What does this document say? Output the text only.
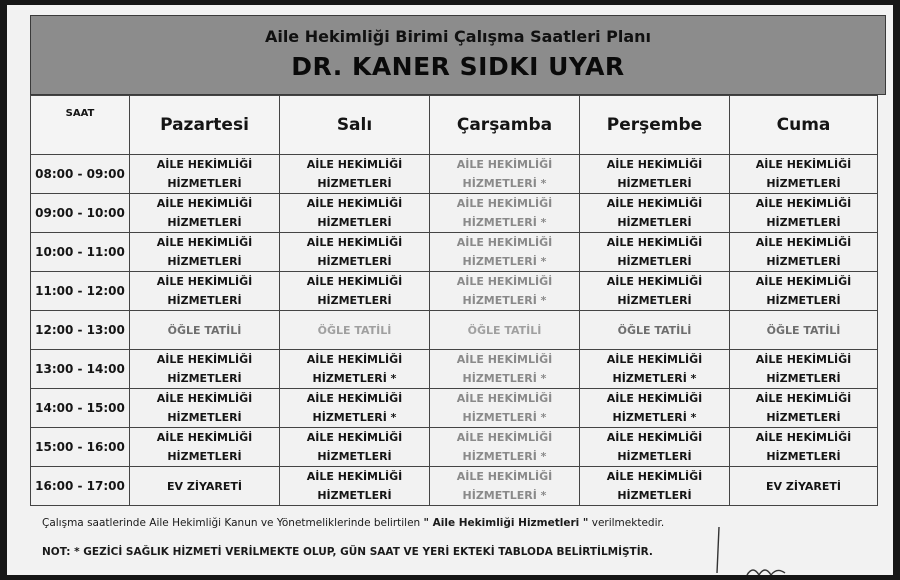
Aile Hekimliği Birimi Çalışma Saatleri Planı
DR. KANER SIDKI UYAR
SAAT	Pazartesi	Salı	Çarşamba	Perşembe	Cuma
08:00 - 09:00	AİLE HEKİMLİĞİ
HİZMETLERİ	AİLE HEKİMLİĞİ
HİZMETLERİ	AİLE HEKİMLİĞİ
HİZMETLERİ *	AİLE HEKİMLİĞİ
HİZMETLERİ	AİLE HEKİMLİĞİ
HİZMETLERİ

09:00 - 10:00	AİLE HEKİMLİĞİ
HİZMETLERİ	AİLE HEKİMLİĞİ
HİZMETLERİ	AİLE HEKİMLİĞİ
HİZMETLERİ *	AİLE HEKİMLİĞİ
HİZMETLERİ	AİLE HEKİMLİĞİ
HİZMETLERİ

10:00 - 11:00	AİLE HEKİMLİĞİ
HİZMETLERİ	AİLE HEKİMLİĞİ
HİZMETLERİ	AİLE HEKİMLİĞİ
HİZMETLERİ *	AİLE HEKİMLİĞİ
HİZMETLERİ	AİLE HEKİMLİĞİ
HİZMETLERİ

11:00 - 12:00	AİLE HEKİMLİĞİ
HİZMETLERİ	AİLE HEKİMLİĞİ
HİZMETLERİ	AİLE HEKİMLİĞİ
HİZMETLERİ *	AİLE HEKİMLİĞİ
HİZMETLERİ	AİLE HEKİMLİĞİ
HİZMETLERİ

12:00 - 13:00	ÖĞLE TATİLİ	ÖĞLE TATİLİ	ÖĞLE TATİLİ	ÖĞLE TATİLİ	ÖĞLE TATİLİ

13:00 - 14:00	AİLE HEKİMLİĞİ
HİZMETLERİ	AİLE HEKİMLİĞİ
HİZMETLERİ *	AİLE HEKİMLİĞİ
HİZMETLERİ *	AİLE HEKİMLİĞİ
HİZMETLERİ *	AİLE HEKİMLİĞİ
HİZMETLERİ

14:00 - 15:00	AİLE HEKİMLİĞİ
HİZMETLERİ	AİLE HEKİMLİĞİ
HİZMETLERİ *	AİLE HEKİMLİĞİ
HİZMETLERİ *	AİLE HEKİMLİĞİ
HİZMETLERİ *	AİLE HEKİMLİĞİ
HİZMETLERİ

15:00 - 16:00	AİLE HEKİMLİĞİ
HİZMETLERİ	AİLE HEKİMLİĞİ
HİZMETLERİ	AİLE HEKİMLİĞİ
HİZMETLERİ *	AİLE HEKİMLİĞİ
HİZMETLERİ	AİLE HEKİMLİĞİ
HİZMETLERİ

16:00 - 17:00	EV ZİYARETİ	AİLE HEKİMLİĞİ
HİZMETLERİ	AİLE HEKİMLİĞİ
HİZMETLERİ *	AİLE HEKİMLİĞİ
HİZMETLERİ	EV ZİYARETİ
Çalışma saatlerinde Aile Hekimliği Kanun ve Yönetmeliklerinde belirtilen " Aile Hekimliği Hizmetleri " verilmektedir.
NOT: * GEZİCİ SAĞLIK HİZMETİ VERİLMEKTE OLUP, GÜN SAAT VE YERİ EKTEKİ TABLODA BELİRTİLMİŞTİR.
